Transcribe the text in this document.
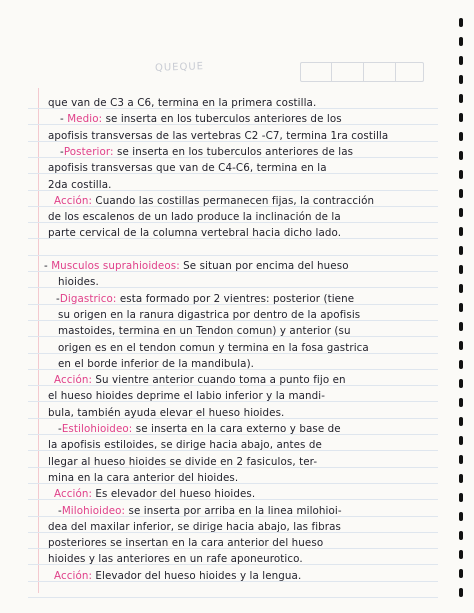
QUEQUE
que van de C3 a C6, termina en la primera costilla.
- Medio: se inserta en los tuberculos anteriores de los
apofisis transversas de las vertebras C2 -C7, termina 1ra costilla
-Posterior: se inserta en los tuberculos anteriores de las
apofisis transversas que van de C4-C6, termina en la
2da costilla.
Acción: Cuando las costillas permanecen fijas, la contracción
de los escalenos de un lado produce la inclinación de la
parte cervical de la columna vertebral hacia dicho lado.
- Musculos suprahioideos: Se situan por encima del hueso
hioides.
-Digastrico: esta formado por 2 vientres: posterior (tiene
su origen en la ranura digastrica por dentro de la apofisis
mastoides, termina en un Tendon comun) y anterior (su
origen es en el tendon comun y termina en la fosa gastrica
en el borde inferior de la mandibula).
Acción: Su vientre anterior cuando toma a punto fijo en
el hueso hioides deprime el labio inferior y la mandi-
bula, también ayuda elevar el hueso hioides.
-Estilohioideo: se inserta en la cara externo y base de
la apofisis estiloides, se dirige hacia abajo, antes de
llegar al hueso hioides se divide en 2 fasiculos, ter-
mina en la cara anterior del hioides.
Acción: Es elevador del hueso hioides.
-Milohioideo: se inserta por arriba en la linea milohioi-
dea del maxilar inferior, se dirige hacia abajo, las fibras
posteriores se insertan en la cara anterior del hueso
hioides y las anteriores en un rafe aponeurotico.
Acción: Elevador del hueso hioides y la lengua.
